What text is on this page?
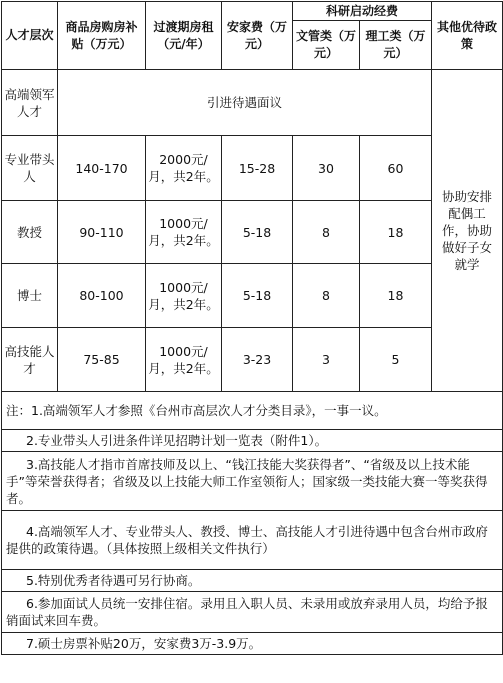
人才层次	商品房购房补贴（万元）	过渡期房租（元/年）	安家费（万元）	科研启动经费		其他优待政策
				文管类（万元）	理工类（万元）	
高端领军人才	引进待遇面议					协助安排配偶工作，协助做好子女就学
专业带头人	140-170	2000元/月，共2年。	15-28	30	60	
教授	90-110	1000元/月，共2年。	5-18	8	18	
博士	80-100	1000元/月，共2年。	5-18	8	18	
高技能人才	75-85	1000元/月，共2年。	3-23	3	5	
注：1.高端领军人才参照《台州市高层次人才分类目录》，一事一议。						
2.专业带头人引进条件详见招聘计划一览表（附件1）。						
3.高技能人才指市首席技师及以上、“钱江技能大奖获得者”、“省级及以上技术能手”等荣誉获得者；省级及以上技能大师工作室领衔人；国家级一类技能大赛一等奖获得者。						
4.高端领军人才、专业带头人、教授、博士、高技能人才引进待遇中包含台州市政府提供的政策待遇。（具体按照上级相关文件执行）						
5.特别优秀者待遇可另行协商。						
6.参加面试人员统一安排住宿。录用且入职人员、未录用或放弃录用人员，均给予报销面试来回车费。						
7.硕士房票补贴20万，安家费3万-3.9万。						
